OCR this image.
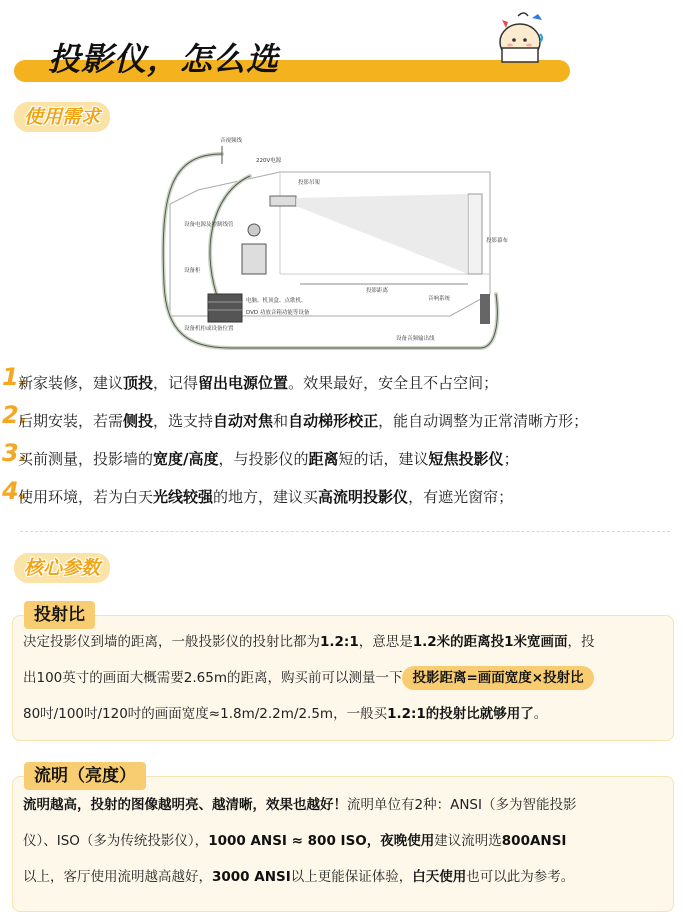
投影仪，怎么选
使用需求
音视频线
220V电源
投影吊架
设备电源及控制线管
设备柜
电脑、机顶盒、点歌机、
DVD 功放音箱功能等设备
投影距离
投影幕布
音响系统
设备机柜或设备位置
设备音频输出线
1.
新家装修，建议顶投，记得留出电源位置。效果最好，安全且不占空间；
2.
后期安装，若需侧投，选支持自动对焦和自动梯形校正，能自动调整为正常清晰方形；
3.
买前测量，投影墙的宽度/高度，与投影仪的距离短的话，建议短焦投影仪；
4.
使用环境，若为白天光线较强的地方，建议买高流明投影仪，有遮光窗帘；
核心参数

决定投影仪到墙的距离，一般投影仪的投射比都为1.2:1，意思是1.2米的距离投1米宽画面，投

出100英寸的画面大概需要2.65m的距离，购买前可以测量一下 投影距离=画面宽度×投射比

80吋/100吋/120吋的画面宽度≈1.8m/2.2m/2.5m，一般买1.2:1的投射比就够用了。

投射比

流明越高，投射的图像越明亮、越清晰，效果也越好！流明单位有2种：ANSI（多为智能投影

仪）、ISO（多为传统投影仪），1000 ANSI ≈ 800 ISO，夜晚使用建议流明选800ANSI

以上，客厅使用流明越高越好，3000 ANSI以上更能保证体验，白天使用也可以此为参考。

流明（亮度）
